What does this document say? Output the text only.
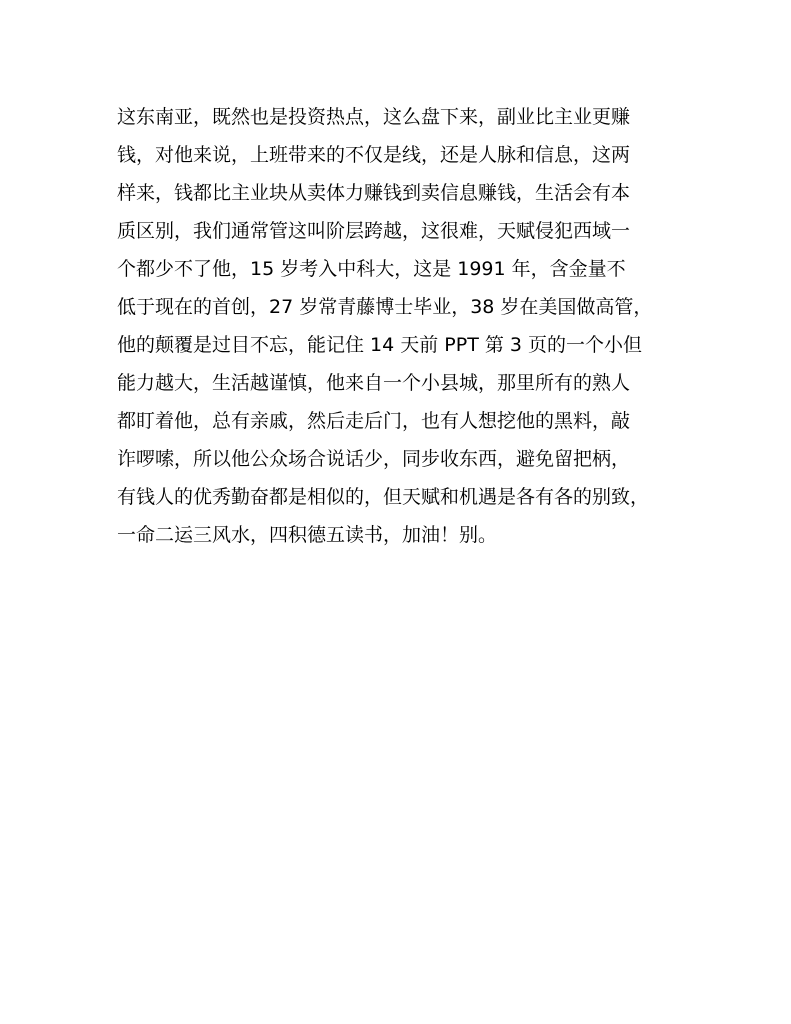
这东南亚，既然也是投资热点，这么盘下来，副业比主业更赚
钱，对他来说，上班带来的不仅是线，还是人脉和信息，这两
样来，钱都比主业块从卖体力赚钱到卖信息赚钱，生活会有本
质区别，我们通常管这叫阶层跨越，这很难，天赋侵犯西域一
个都少不了他，15 岁考入中科大，这是 1991 年，含金量不
低于现在的首创，27 岁常青藤博士毕业，38 岁在美国做高管，
他的颠覆是过目不忘，能记住 14 天前 PPT 第 3 页的一个小但
能力越大，生活越谨慎，他来自一个小县城，那里所有的熟人
都盯着他，总有亲戚，然后走后门，也有人想挖他的黑料，敲
诈啰嗦，所以他公众场合说话少，同步收东西，避免留把柄，
有钱人的优秀勤奋都是相似的，但天赋和机遇是各有各的别致，
一命二运三风水，四积德五读书，加油！别。
